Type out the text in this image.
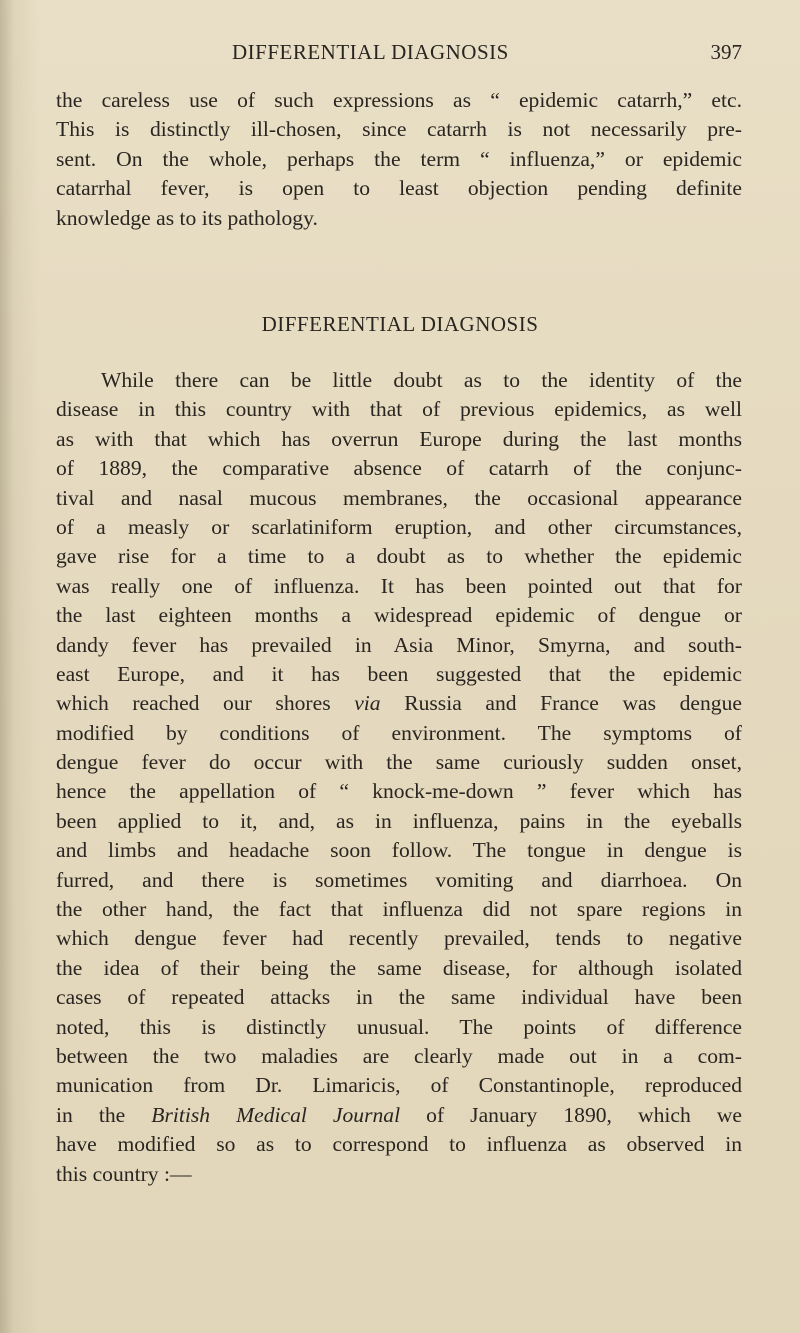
DIFFERENTIAL DIAGNOSIS	397
the careless use of such expressions as “ epidemic catarrh,” etc.
This is distinctly ill-chosen, since catarrh is not necessarily pre-
sent. On the whole, perhaps the term “ influenza,” or epidemic
catarrhal fever, is open to least objection pending definite
knowledge as to its pathology.
DIFFERENTIAL DIAGNOSIS
While there can be little doubt as to the identity of the
disease in this country with that of previous epidemics, as well
as with that which has overrun Europe during the last months
of 1889, the comparative absence of catarrh of the conjunc-
tival and nasal mucous membranes, the occasional appearance
of a measly or scarlatiniform eruption, and other circumstances,
gave rise for a time to a doubt as to whether the epidemic
was really one of influenza. It has been pointed out that for
the last eighteen months a widespread epidemic of dengue or
dandy fever has prevailed in Asia Minor, Smyrna, and south-
east Europe, and it has been suggested that the epidemic
which reached our shores via Russia and France was dengue
modified by conditions of environment. The symptoms of
dengue fever do occur with the same curiously sudden onset,
hence the appellation of “ knock-me-down ” fever which has
been applied to it, and, as in influenza, pains in the eyeballs
and limbs and headache soon follow. The tongue in dengue is
furred, and there is sometimes vomiting and diarrhoea. On
the other hand, the fact that influenza did not spare regions in
which dengue fever had recently prevailed, tends to negative
the idea of their being the same disease, for although isolated
cases of repeated attacks in the same individual have been
noted, this is distinctly unusual. The points of difference
between the two maladies are clearly made out in a com-
munication from Dr. Limaricis, of Constantinople, reproduced
in the British Medical Journal of January 1890, which we
have modified so as to correspond to influenza as observed in
this country :—
